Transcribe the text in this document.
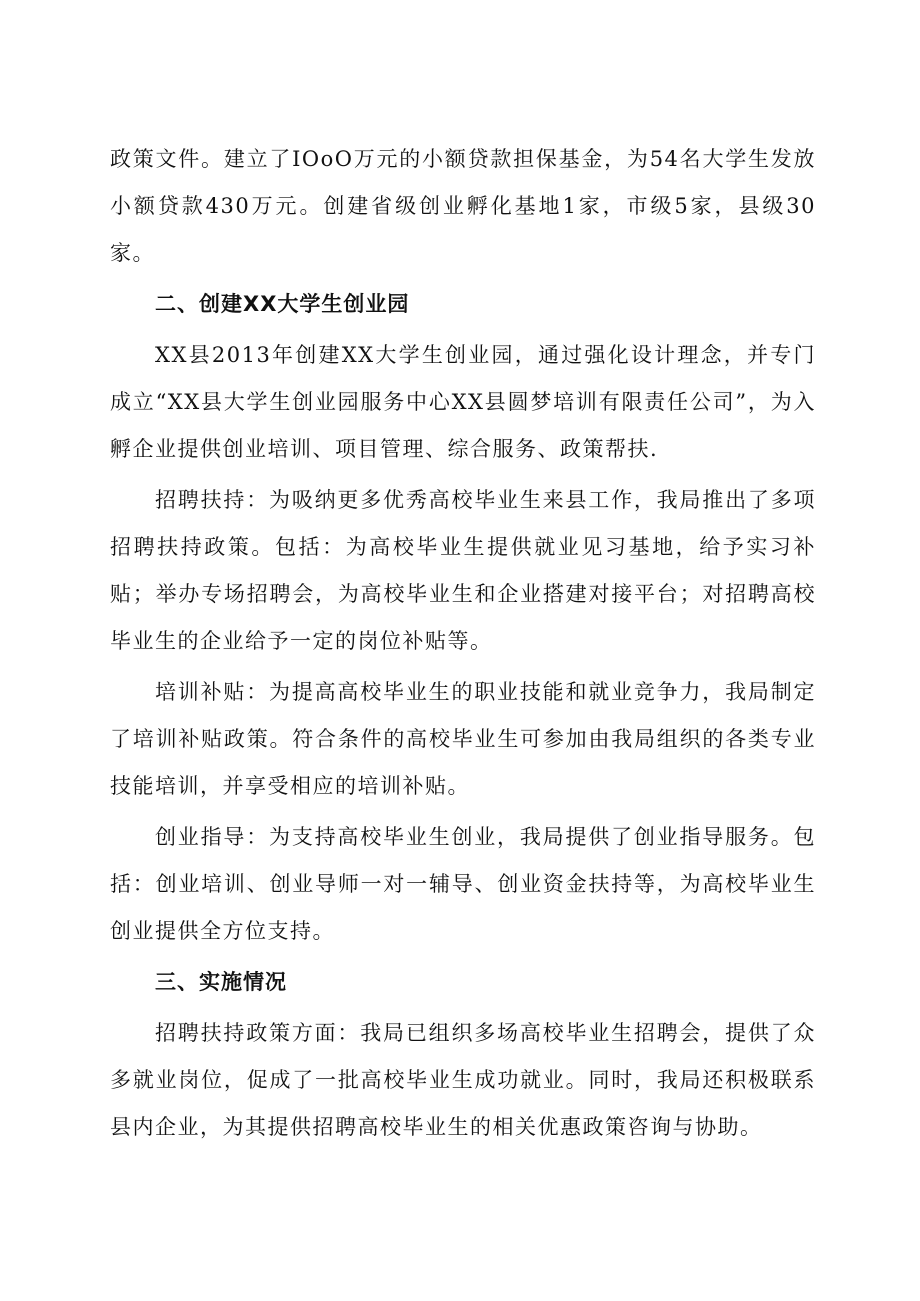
政策文件。建立了IOoO万元的小额贷款担保基金，为54名大学生发放小额贷款430万元。创建省级创业孵化基地1家，市级5家，县级30家。

二、创建XX大学生创业园

XX县2013年创建XX大学生创业园，通过强化设计理念，并专门成立“XX县大学生创业园服务中心XX县圆梦培训有限责任公司”，为入孵企业提供创业培训、项目管理、综合服务、政策帮扶.

招聘扶持：为吸纳更多优秀高校毕业生来县工作，我局推出了多项招聘扶持政策。包括：为高校毕业生提供就业见习基地，给予实习补贴；举办专场招聘会，为高校毕业生和企业搭建对接平台；对招聘高校毕业生的企业给予一定的岗位补贴等。

培训补贴：为提高高校毕业生的职业技能和就业竞争力，我局制定了培训补贴政策。符合条件的高校毕业生可参加由我局组织的各类专业技能培训，并享受相应的培训补贴。

创业指导：为支持高校毕业生创业，我局提供了创业指导服务。包括：创业培训、创业导师一对一辅导、创业资金扶持等，为高校毕业生创业提供全方位支持。

三、实施情况

招聘扶持政策方面：我局已组织多场高校毕业生招聘会，提供了众多就业岗位，促成了一批高校毕业生成功就业。同时，我局还积极联系县内企业，为其提供招聘高校毕业生的相关优惠政策咨询与协助。
